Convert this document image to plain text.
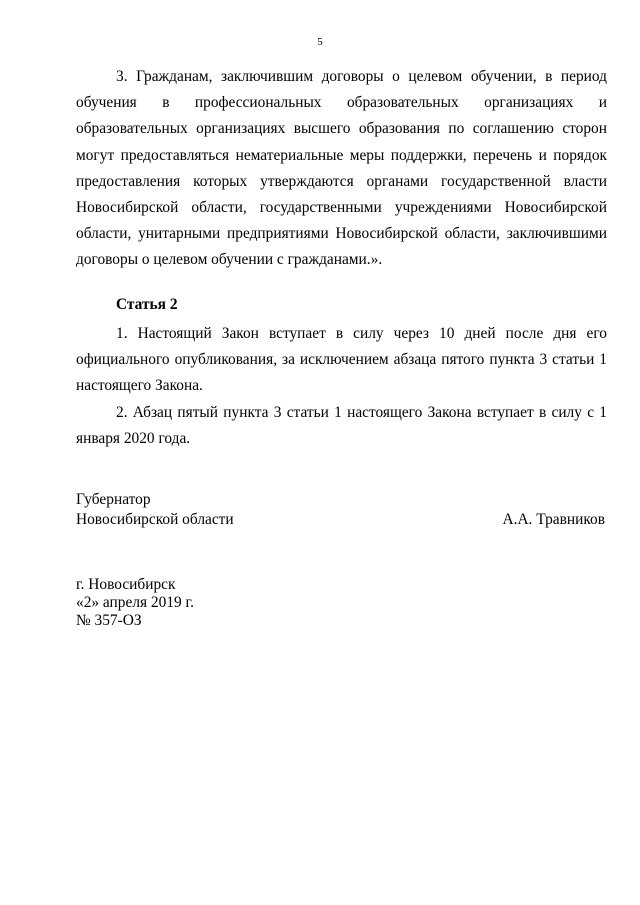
5

3. Гражданам, заключившим договоры о целевом обучении, в период обучения в профессиональных образовательных организациях и образовательных организациях высшего образования по соглашению сторон могут предоставляться нематериальные меры поддержки, перечень и порядок предоставления которых утверждаются органами государственной власти Новосибирской области, государственными учреждениями Новосибирской области, унитарными предприятиями Новосибирской области, заключившими договоры о целевом обучении с гражданами.».

Статья 2

1. Настоящий Закон вступает в силу через 10 дней после дня его официального опубликования, за исключением абзаца пятого пункта 3 статьи 1 настоящего Закона.

2. Абзац пятый пункта 3 статьи 1 настоящего Закона вступает в силу с 1 января 2020 года.

Губернатор
Новосибирской области	А.А. Травников
г. Новосибирск
«2» апреля 2019 г.
№ 357-ОЗ
